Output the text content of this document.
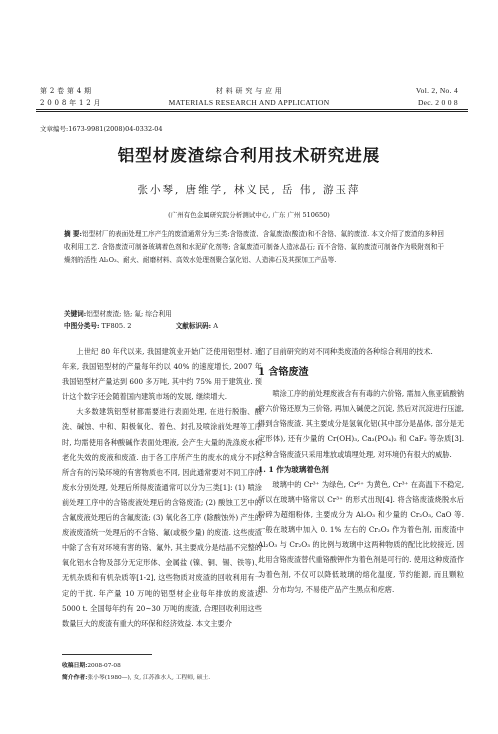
第 2 卷 第 4 期
2 0 0 8 年 1 2 月
材 料 研 究 与 应 用
MATERIALS RESEARCH AND APPLICATION
Vol. 2, No. 4
Dec. 2 0 0 8
文章编号:1673-9981(2008)04-0332-04
铝型材废渣综合利用技术研究进展
张小琴, 唐维学, 林义民, 岳 伟, 游玉萍
(广州有色金属研究院分析测试中心, 广东 广州 510650)
摘 要:铝型材厂的表面处理工序产生的废渣通常分为三类:含铬废渣、含氟废渣(酸渣)和不含铬、氟的废渣. 本文介绍了废渣的多种回收利用工艺. 含铬废渣可制备玻璃着色剂和水泥矿化剂等; 含氟废渣可制备人造冰晶石; 而不含铬、氟的废渣可制备作为吸附剂和干燥剂的活性 Al₂O₃、耐火、耐磨材料、高效水处理剂聚合氯化铝、人造沸石及其探加工产品等.
关键词:铝型材废渣; 铬; 氟; 综合利用
中图分类号: TF805. 2	文献标识码: A

上世纪 80 年代以来, 我国建筑业开始广泛使用铝型材. 近年来, 我国铝型材的产量每年约以 40% 的速度增长, 2007 年我国铝型材产量达到 600 多万吨, 其中约 75% 用于建筑业. 预计这个数字还会随着国内建筑市场的发展, 继续增大.

大多数建筑铝型材都需要进行表面处理, 在进行脱脂、酸洗、碱蚀、中和、阳极氧化、着色、封孔及喷涂前处理等工序时, 均需使用各种酸碱作表面处理液, 会产生大量的洗涤废水和老化失效的废液和废渣. 由于各工序所产生的废水的成分不同, 所含有的污染环境的有害物质也不同, 因此通常要对不同工序的废水分别处理, 处理后所得废渣通常可以分为三类[1]: (1) 喷涂前处理工序中的含铬废液处理后的含铬废渣; (2) 酸蚀工艺中的含氟废液处理后的含氟废渣; (3) 氧化各工序 (除酸蚀外) 产生的废液废渣统一处理后的不含铬、氟(或极少量) 的废渣. 这些废渣中除了含有对环境有害的铬、氟外, 其主要成分是结晶不完整的氧化铝水合物及部分无定形体、金属盐 (镍、铜、锡、铁等)、无机杂质和有机杂质等[1-2], 这些物质对废渣的回收利用有一定的干扰. 年产量 10 万吨的铝型材企业每年排放的废渣达 5000 t. 全国每年约有 20~30 万吨的废渣, 合理回收利用这些数量巨大的废渣有重大的环保和经济效益. 本文主要介

绍了目前研究的对不同种类废渣的各种综合利用的技术.

1 含铬废渣

喷涂工序的前处理废液含有有毒的六价铬, 需加入焦亚硫酸钠将六价铬还原为三价铬, 再加入碱使之沉淀, 然后对沉淀进行压滤, 得到含铬废渣. 其主要成分是氢氧化铝(其中部分是晶体, 部分是无定形体), 还有少量的 Cr(OH)₃, Ca₃(PO₄)₂ 和 CaF₂ 等杂质[3]. 这种含铬废渣只采用堆放或填埋处理, 对环境仍有很大的威胁.

1. 1 作为玻璃着色剂

玻璃中的 Cr³⁺ 为绿色, Cr⁶⁺ 为黄色, Cr³⁺ 在高温下不稳定, 所以在玻璃中铬常以 Cr³⁺ 的形式出现[4]. 将含铬废渣烧脱水后粉碎为超细粉体, 主要成分为 Al₂O₃ 和少量的 Cr₂O₃, CaO 等. 一般在玻璃中加入 0. 1% 左右的 Cr₂O₃ 作为着色剂, 而废渣中 Al₂O₃ 与 Cr₂O₃ 的比例与玻璃中这两种物质的配比比较接近, 因此用含铬废渣替代重铬酸钾作为着色剂是可行的. 使用这种废渣作为着色剂, 不仅可以降低玻璃的熔化温度, 节约能源, 而且颗粒细、分布均匀, 不易使产品产生黑点和疙瘩.

收稿日期:2008-07-08
简介作者:张小琴(1980—), 女, 江苏淮水人, 工程师, 硕士.
